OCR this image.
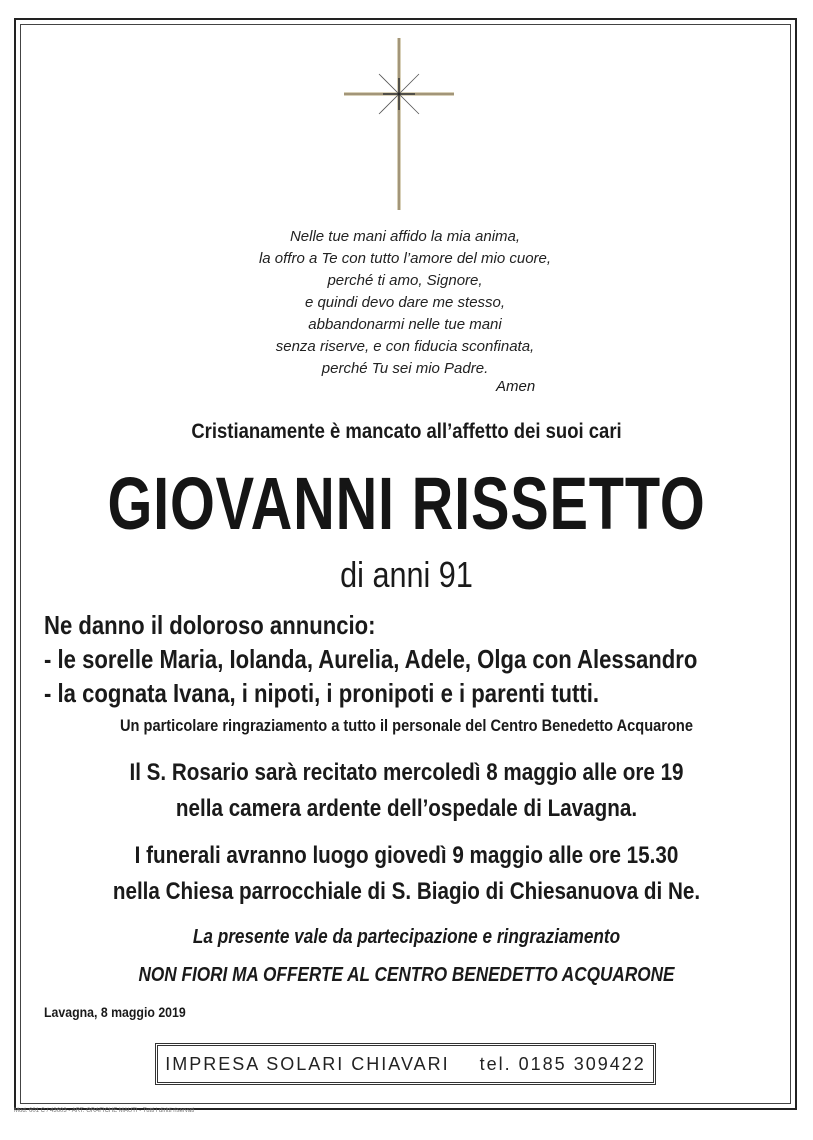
Nelle tue mani affido la mia anima,
la offro a Te con tutto l’amore del mio cuore,
perché ti amo, Signore,
e quindi devo dare me stesso,
abbandonarmi nelle tue mani
senza riserve, e con fiducia sconfinata,
perché Tu sei mio Padre.
Amen
Cristianamente è mancato all’affetto dei suoi cari
GIOVANNI RISSETTO
di anni 91
Ne danno il doloroso annuncio:
- le sorelle Maria, Iolanda, Aurelia, Adele, Olga con Alessandro
- la cognata Ivana, i nipoti, i pronipoti e i parenti tutti.
Un particolare ringraziamento a tutto il personale del Centro Benedetto Acquarone
Il S. Rosario sarà recitato mercoledì 8 maggio alle ore 19
nella camera ardente dell’ospedale di Lavagna.
I funerali avranno luogo giovedì 9 maggio alle ore 15.30
nella Chiesa parrocchiale di S. Biagio di Chiesanuova di Ne.
La presente vale da partecipazione e ringraziamento
NON FIORI MA OFFERTE AL CENTRO BENEDETTO ACQUARONE
Lavagna, 8 maggio 2019
IMPRESA SOLARI CHIAVARI tel. 0185 309422
Mod. 601 C / 43603 - ART. GRAFICHE MAUTI - Tutti i diritti riservati
